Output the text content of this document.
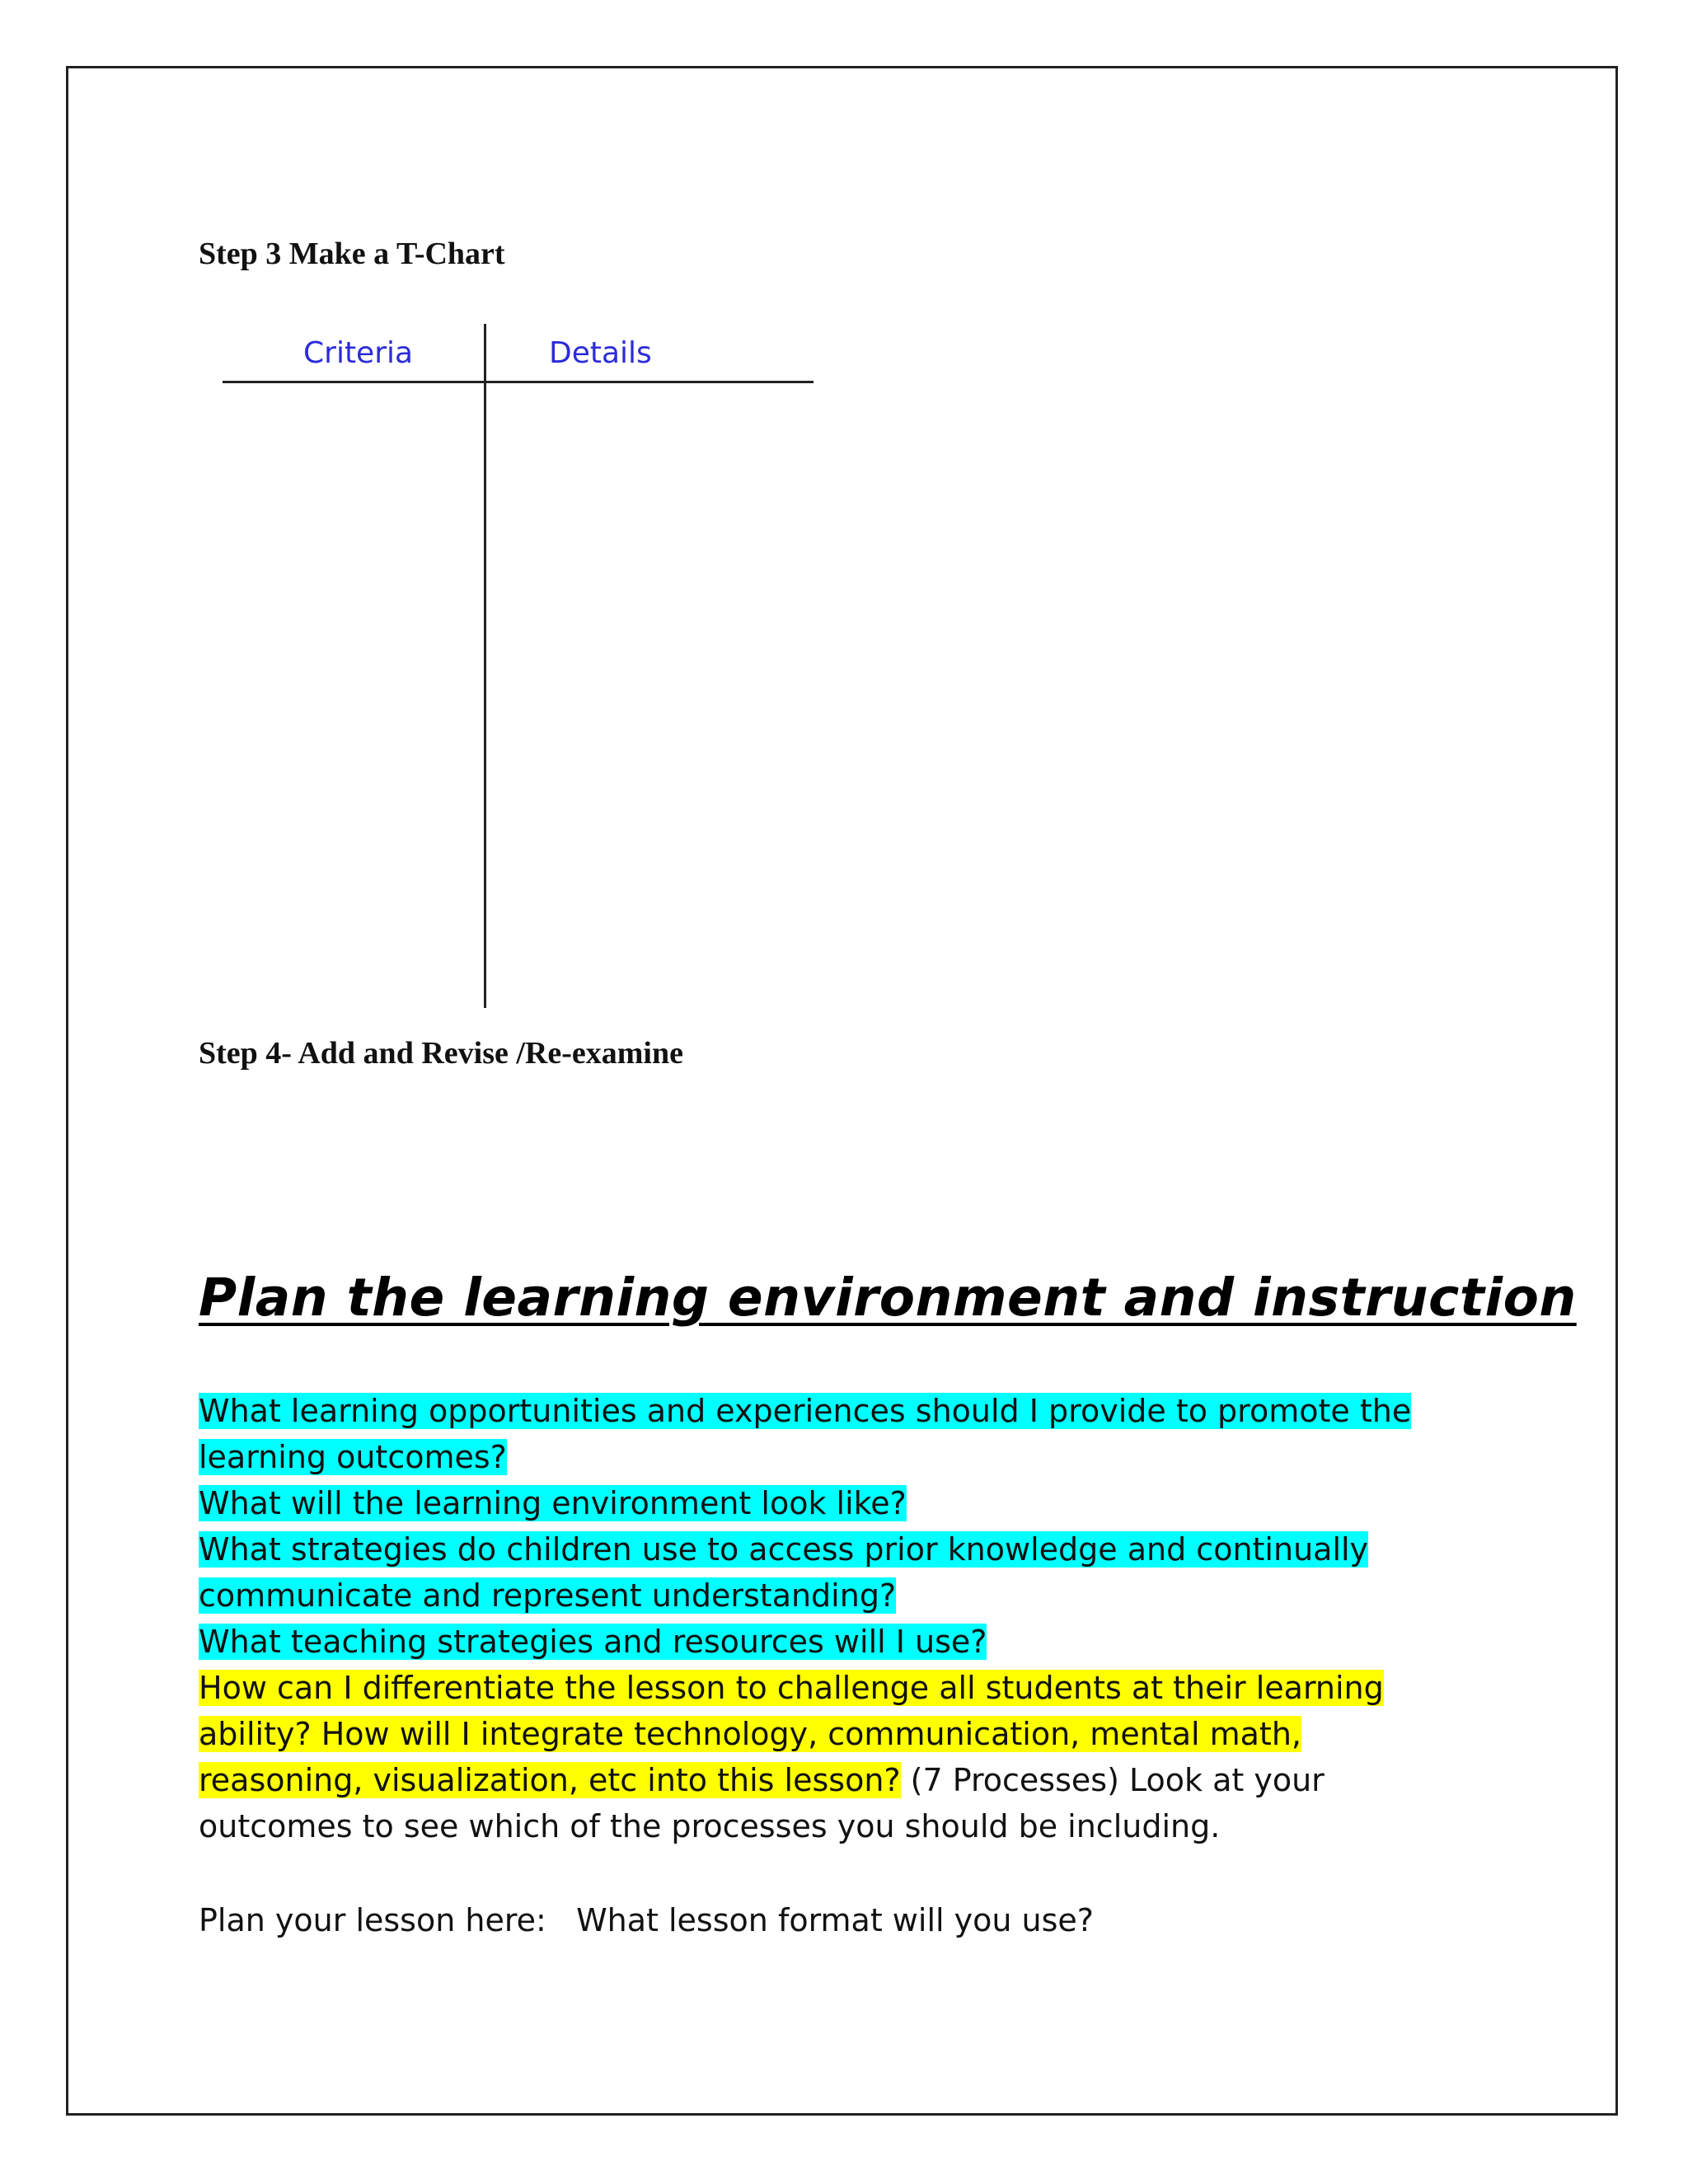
Step 3 Make a T-Chart
Criteria	Details
Step 4- Add and Revise /Re-examine
Plan the learning environment and instruction

What learning opportunities and experiences should I provide to promote the learning outcomes?

What will the learning environment look like?

What strategies do children use to access prior knowledge and continually communicate and represent understanding?

What teaching strategies and resources will I use?

How can I differentiate the lesson to challenge all students at their learning ability? How will I integrate technology, communication, mental math, reasoning, visualization, etc into this lesson? (7 Processes) Look at your outcomes to see which of the processes you should be including.

Plan your lesson here: What lesson format will you use?
